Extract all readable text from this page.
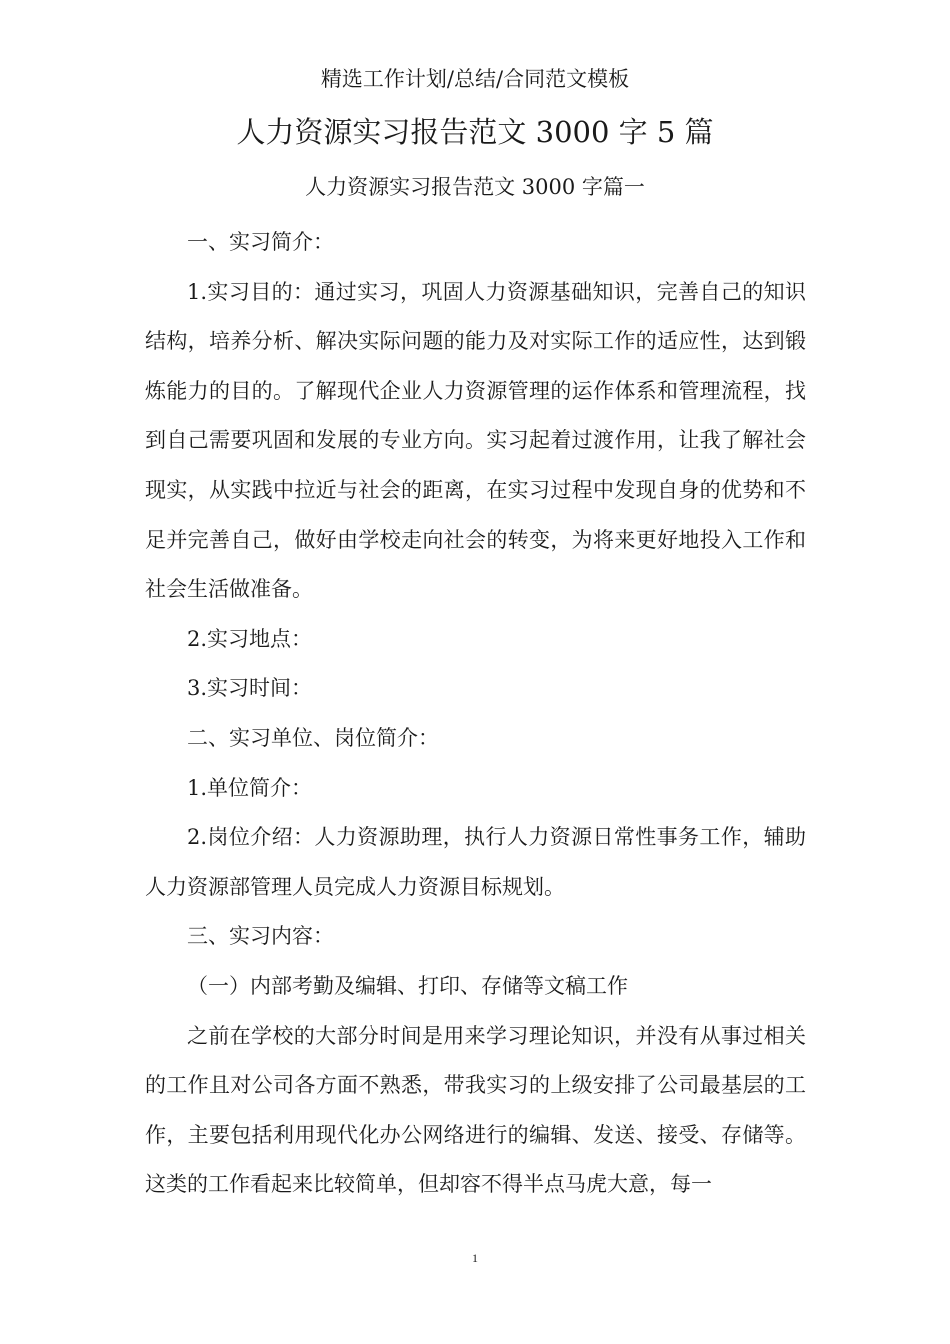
精选工作计划/总结/合同范文模板
人力资源实习报告范文 3000 字 5 篇
人力资源实习报告范文 3000 字篇一

一、实习简介：

1.实习目的：通过实习，巩固人力资源基础知识，完善自己的知识结构，培养分析、解决实际问题的能力及对实际工作的适应性，达到锻炼能力的目的。了解现代企业人力资源管理的运作体系和管理流程，找到自己需要巩固和发展的专业方向。实习起着过渡作用，让我了解社会现实，从实践中拉近与社会的距离，在实习过程中发现自身的优势和不足并完善自己，做好由学校走向社会的转变，为将来更好地投入工作和社会生活做准备。

2.实习地点：

3.实习时间：

二、实习单位、岗位简介：

1.单位简介：

2.岗位介绍：人力资源助理，执行人力资源日常性事务工作，辅助人力资源部管理人员完成人力资源目标规划。

三、实习内容：

（一）内部考勤及编辑、打印、存储等文稿工作

之前在学校的大部分时间是用来学习理论知识，并没有从事过相关的工作且对公司各方面不熟悉，带我实习的上级安排了公司最基层的工作，主要包括利用现代化办公网络进行的编辑、发送、接受、存储等。这类的工作看起来比较简单，但却容不得半点马虎大意，每一

1
